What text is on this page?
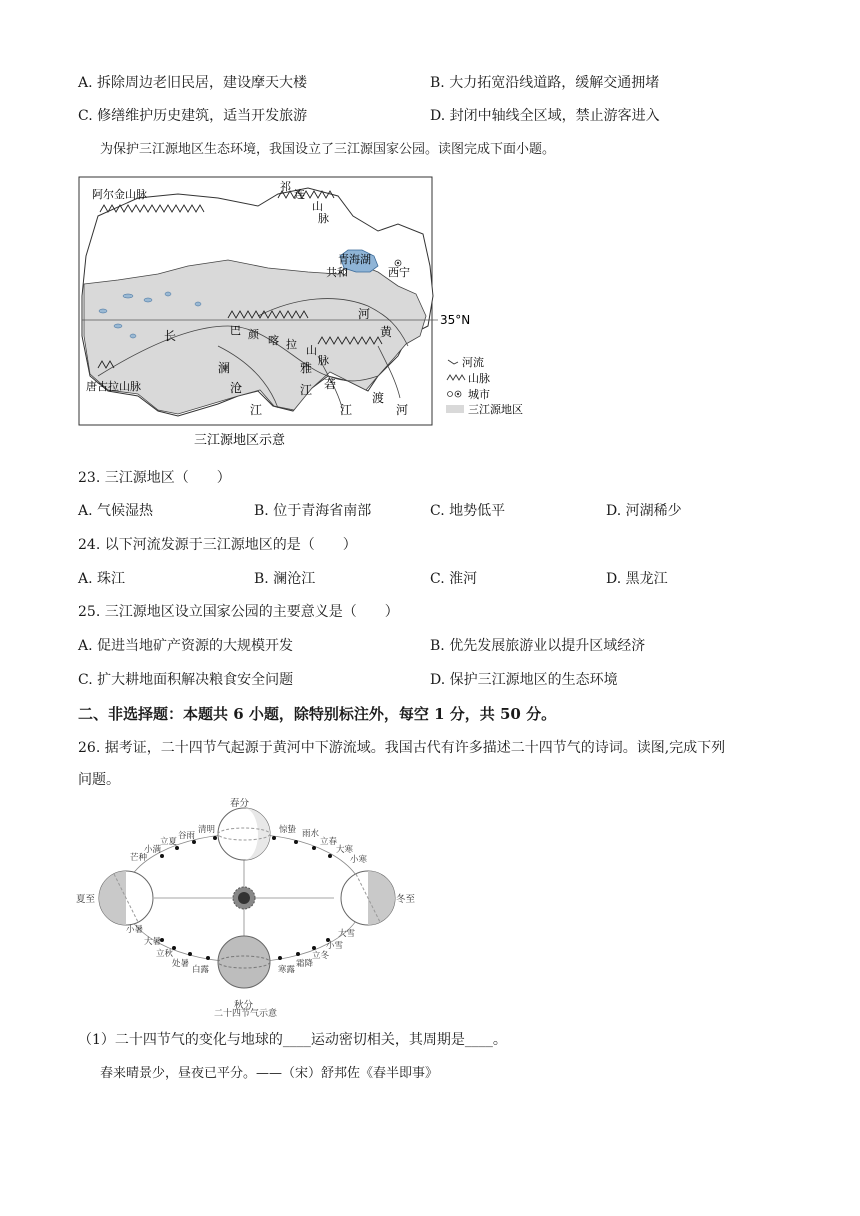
A. 拆除周边老旧民居，建设摩天大楼	B. 大力拓宽沿线道路，缓解交通拥堵
C. 修缮维护历史建筑，适当开发旅游	D. 封闭中轴线全区域，禁止游客进入
为保护三江源地区生态环境，我国设立了三江源国家公园。读图完成下面小题。
阿尔金山脉
祁
连
山
脉
青海湖
共和	西宁
35°N
河
黄
巴 颜 喀 拉 山
脉
长
澜
沧
江
雅
江 砻
江
渡
河
唐古拉山脉
河流
山脉
城市
三江源地区
三江源地区示意
23. 三江源地区（　　）
A. 气候湿热	B. 位于青海省南部	C. 地势低平	D. 河湖稀少
24. 以下河流发源于三江源地区的是（　　）
A. 珠江	B. 澜沧江	C. 淮河	D. 黑龙江
25. 三江源地区设立国家公园的主要意义是（　　）
A. 促进当地矿产资源的大规模开发	B. 优先发展旅游业以提升区域经济
C. 扩大耕地面积解决粮食安全问题	D. 保护三江源地区的生态环境
二、非选择题：本题共 6 小题，除特别标注外，每空 1 分，共 50 分。
26. 据考证，二十四节气起源于黄河中下游流域。我国古代有许多描述二十四节气的诗词。读图,完成下列
问题。
春分
秋分
夏至	冬至
清明
谷雨
立夏
小满
芒种
惊蛰 雨水
立春
大寒
小寒
小暑
大暑
立秋
处暑
白露	寒露
霜降
立冬
小雪
大雪
二十四节气示意
（1）二十四节气的变化与地球的____运动密切相关，其周期是____。
春来晴景少，昼夜已平分。——（宋）舒邦佐《春半即事》
